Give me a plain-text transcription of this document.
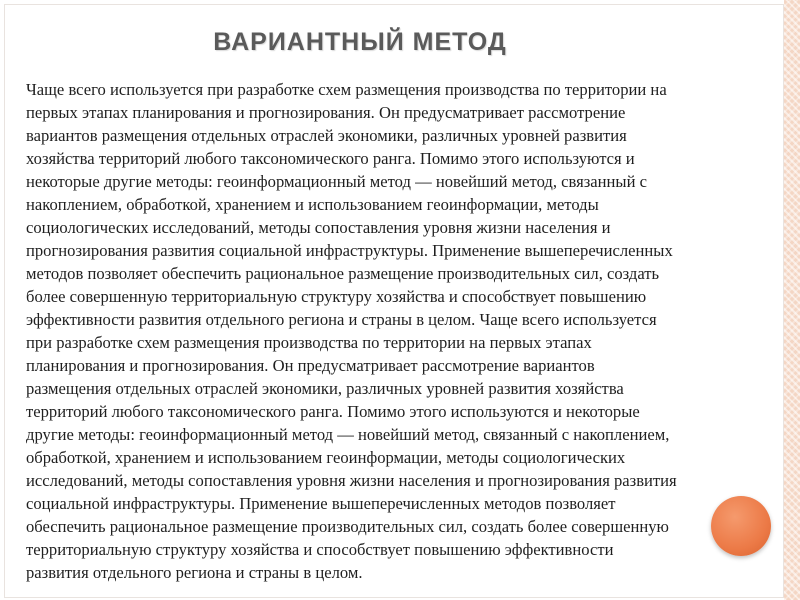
ВАРИАНТНЫЙ МЕТОД
Чаще всего используется при разработке схем размещения производства по территории на
первых этапах планирования и прогнозирования. Он предусматривает рассмотрение
вариантов размещения отдельных отраслей экономики, различных уровней развития
хозяйства территорий любого таксономического ранга. Помимо этого используются и
некоторые другие методы: геоинформационный метод — новейший метод, связанный с
накоплением, обработкой, хранением и использованием геоинформации, методы
социологических исследований, методы сопоставления уровня жизни населения и
прогнозирования развития социальной инфраструктуры. Применение вышеперечисленных
методов позволяет обеспечить рациональное размещение производительных сил, создать
более совершенную территориальную структуру хозяйства и способствует повышению
эффективности развития отдельного региона и страны в целом. Чаще всего используется
при разработке схем размещения производства по территории на первых этапах
планирования и прогнозирования. Он предусматривает рассмотрение вариантов
размещения отдельных отраслей экономики, различных уровней развития хозяйства
территорий любого таксономического ранга. Помимо этого используются и некоторые
другие методы: геоинформационный метод — новейший метод, связанный с накоплением,
обработкой, хранением и использованием геоинформации, методы социологических
исследований, методы сопоставления уровня жизни населения и прогнозирования развития
социальной инфраструктуры. Применение вышеперечисленных методов позволяет
обеспечить рациональное размещение производительных сил, создать более совершенную
территориальную структуру хозяйства и способствует повышению эффективности
развития отдельного региона и страны в целом.
